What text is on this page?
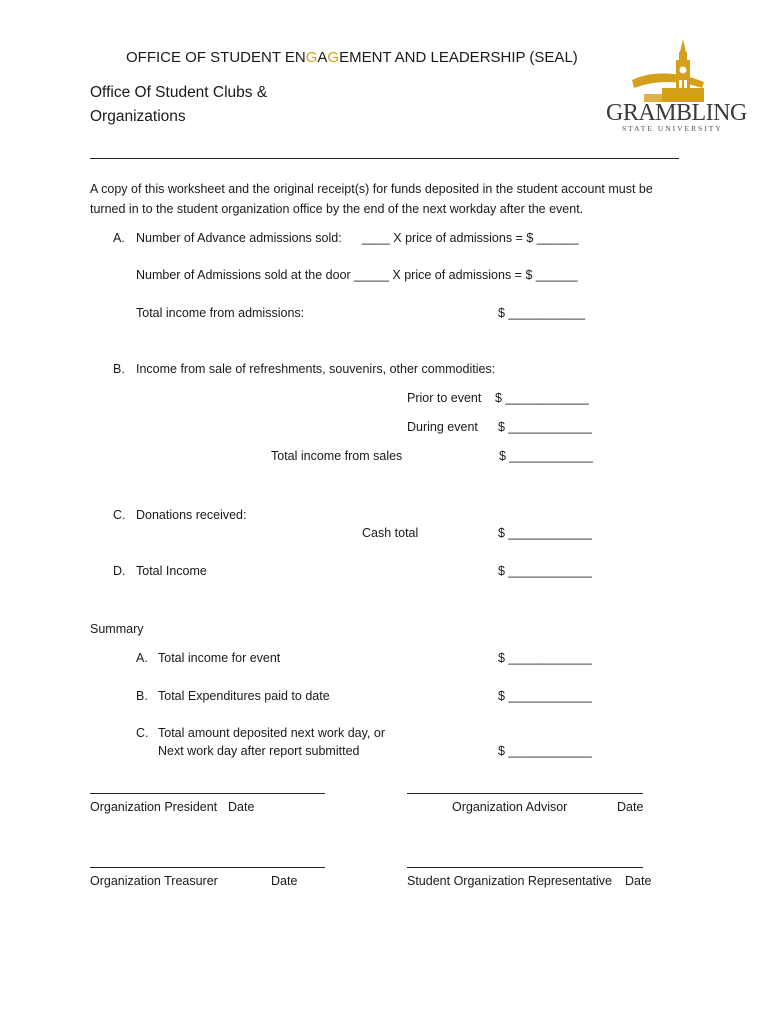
OFFICE OF STUDENT ENGAGEMENT AND LEADERSHIP (SEAL)
Office Of Student Clubs &
Organizations	GRAMBLING
STATE UNIVERSITY
A copy of this worksheet and the original receipt(s) for funds deposited in the student account must be
turned in to the student organization office by the end of the next workday after the event.
A. Number of Advance admissions sold: ____ X price of admissions = $ ______
Number of Admissions sold at the door _____ X price of admissions = $ ______
Total income from admissions:	$ ___________
B. Income from sale of refreshments, souvenirs, other commodities:
Prior to event $ ____________
During event $ ____________
Total income from sales	$ ____________
C. Donations received:
Cash total	$ ____________
D. Total Income	$ ____________
Summary
A. Total income for event	$ ____________
B. Total Expenditures paid to date	$ ____________
C. Total amount deposited next work day, or
Next work day after report submitted	$ ____________
Organization President Date	Organization Advisor	Date
Organization Treasurer	Date	Student Organization Representative Date
